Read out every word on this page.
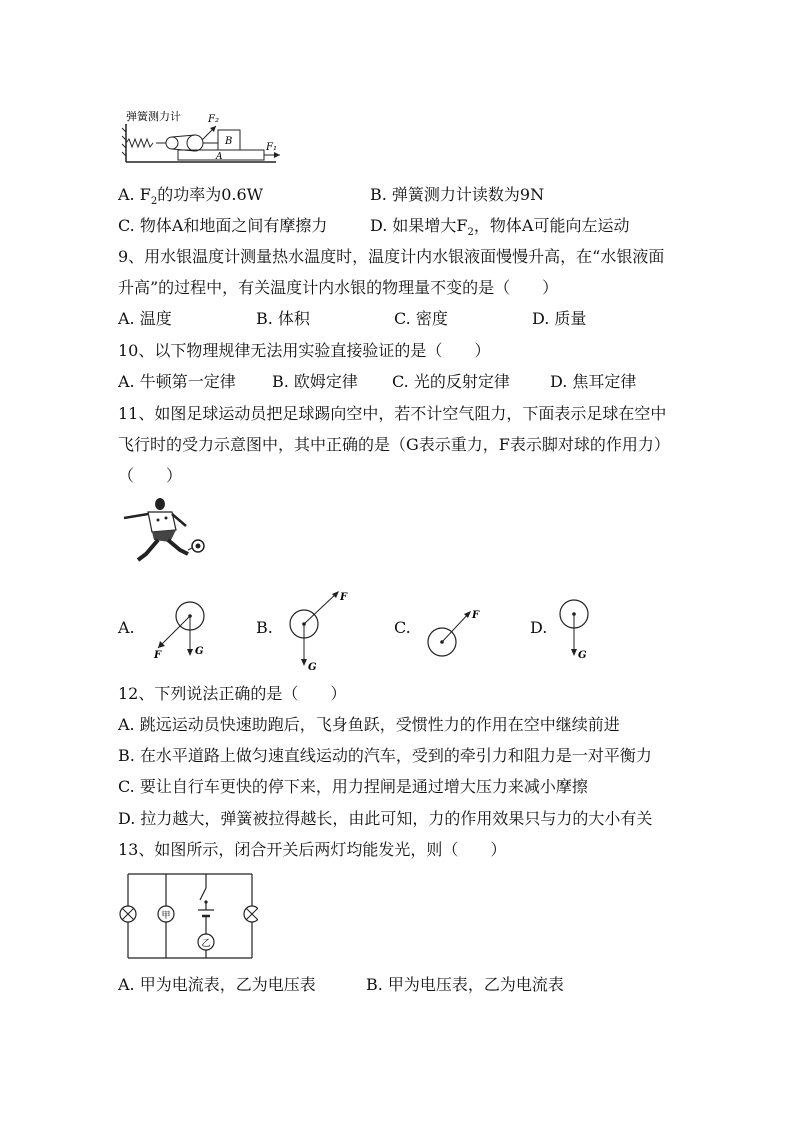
弹簧测力计	F₂
B
A
F₁
A. $F_2$的功率为0.6W	B. 弹簧测力计读数为9N
C. 物体A和地面之间有摩擦力	D. 如果增大$F_2$，物体A可能向左运动
9、用水银温度计测量热水温度时，温度计内水银液面慢慢升高，在“水银液面
升高”的过程中，有关温度计内水银的物理量不变的是（　　）
A. 温度	B. 体积	C. 密度	D. 质量
10、以下物理规律无法用实验直接验证的是（　　）
A. 牛顿第一定律 B. 欧姆定律 C. 光的反射定律	D. 焦耳定律
11、如图足球运动员把足球踢向空中，若不计空气阻力，下面表示足球在空中
飞行时的受力示意图中，其中正确的是（G表示重力，F表示脚对球的作用力）
（　　）
A.
F	G
B.
F
G
C.
F
D.
G
12、下列说法正确的是（　　）
A. 跳远运动员快速助跑后，飞身鱼跃，受惯性力的作用在空中继续前进
B. 在水平道路上做匀速直线运动的汽车，受到的牵引力和阻力是一对平衡力
C. 要让自行车更快的停下来，用力捏闸是通过增大压力来减小摩擦
D. 拉力越大，弹簧被拉得越长，由此可知，力的作用效果只与力的大小有关
13、如图所示，闭合开关后两灯均能发光，则（　　）
甲
乙
A. 甲为电流表，乙为电压表	B. 甲为电压表，乙为电流表
